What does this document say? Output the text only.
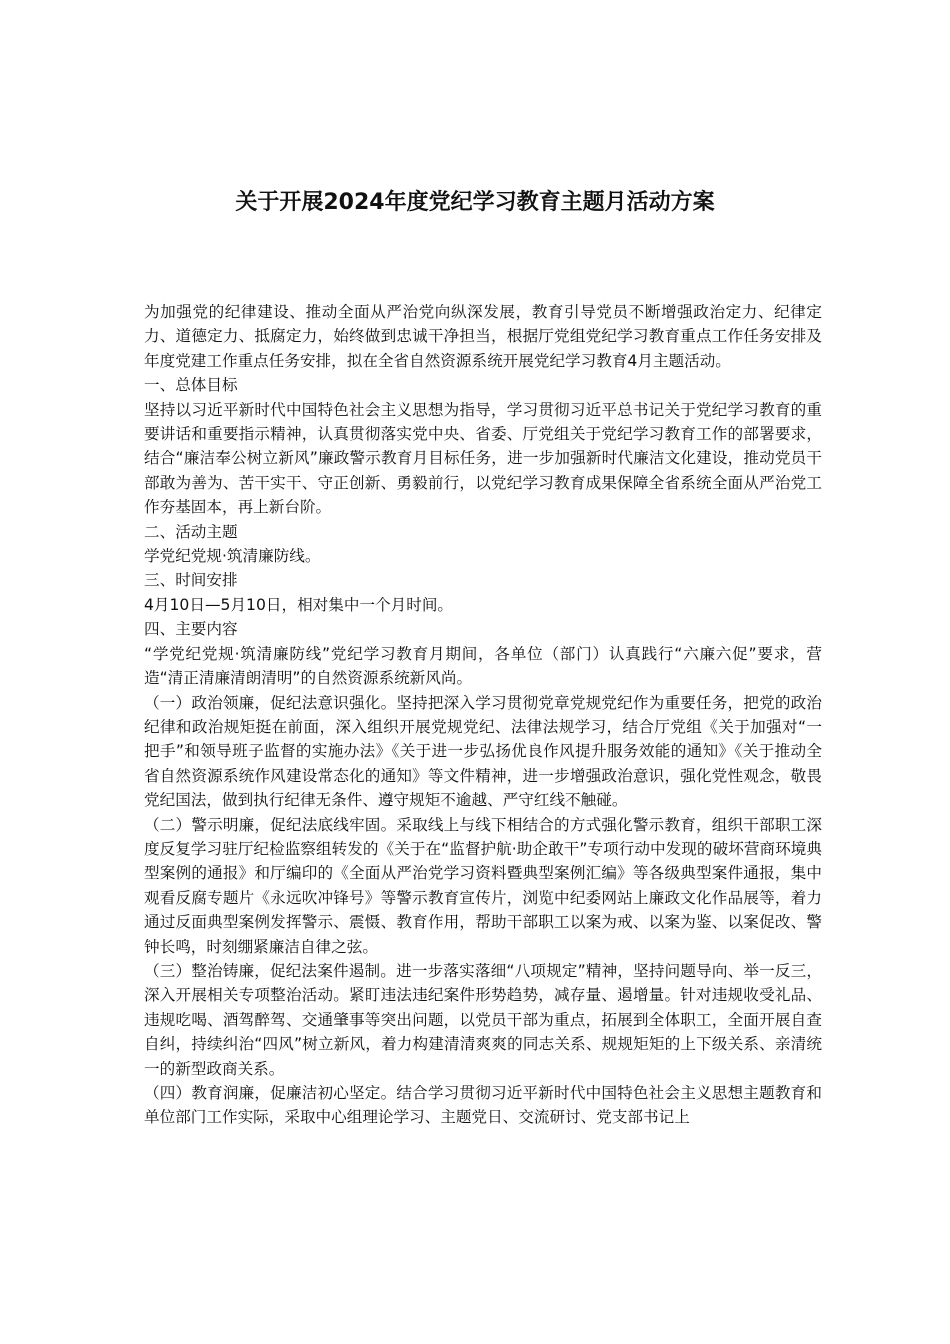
关于开展2024年度党纪学习教育主题月活动方案

为加强党的纪律建设、推动全面从严治党向纵深发展，教育引导党员不断增强政治定力、纪律定力、道德定力、抵腐定力，始终做到忠诚干净担当，根据厅党组党纪学习教育重点工作任务安排及年度党建工作重点任务安排，拟在全省自然资源系统开展党纪学习教育4月主题活动。

一、总体目标

坚持以习近平新时代中国特色社会主义思想为指导，学习贯彻习近平总书记关于党纪学习教育的重要讲话和重要指示精神，认真贯彻落实党中央、省委、厅党组关于党纪学习教育工作的部署要求，结合“廉洁奉公树立新风”廉政警示教育月目标任务，进一步加强新时代廉洁文化建设，推动党员干部敢为善为、苦干实干、守正创新、勇毅前行，以党纪学习教育成果保障全省系统全面从严治党工作夯基固本，再上新台阶。

二、活动主题

学党纪党规·筑清廉防线。

三、时间安排

4月10日—5月10日，相对集中一个月时间。

四、主要内容

“学党纪党规·筑清廉防线”党纪学习教育月期间，各单位（部门）认真践行“六廉六促”要求，营造“清正清廉清朗清明”的自然资源系统新风尚。

（一）政治领廉，促纪法意识强化。坚持把深入学习贯彻党章党规党纪作为重要任务，把党的政治纪律和政治规矩挺在前面，深入组织开展党规党纪、法律法规学习，结合厅党组《关于加强对“一把手”和领导班子监督的实施办法》《关于进一步弘扬优良作风提升服务效能的通知》《关于推动全省自然资源系统作风建设常态化的通知》等文件精神，进一步增强政治意识，强化党性观念，敬畏党纪国法，做到执行纪律无条件、遵守规矩不逾越、严守红线不触碰。

（二）警示明廉，促纪法底线牢固。采取线上与线下相结合的方式强化警示教育，组织干部职工深度反复学习驻厅纪检监察组转发的《关于在“监督护航·助企敢干”专项行动中发现的破坏营商环境典型案例的通报》和厅编印的《全面从严治党学习资料暨典型案例汇编》等各级典型案件通报，集中观看反腐专题片《永远吹冲锋号》等警示教育宣传片，浏览中纪委网站上廉政文化作品展等，着力通过反面典型案例发挥警示、震慑、教育作用，帮助干部职工以案为戒、以案为鉴、以案促改、警钟长鸣，时刻绷紧廉洁自律之弦。

（三）整治铸廉，促纪法案件遏制。进一步落实落细“八项规定”精神，坚持问题导向、举一反三，深入开展相关专项整治活动。紧盯违法违纪案件形势趋势，减存量、遏增量。针对违规收受礼品、违规吃喝、酒驾醉驾、交通肇事等突出问题，以党员干部为重点，拓展到全体职工，全面开展自查自纠，持续纠治“四风”树立新风，着力构建清清爽爽的同志关系、规规矩矩的上下级关系、亲清统一的新型政商关系。

（四）教育润廉，促廉洁初心坚定。结合学习贯彻习近平新时代中国特色社会主义思想主题教育和单位部门工作实际，采取中心组理论学习、主题党日、交流研讨、党支部书记上
